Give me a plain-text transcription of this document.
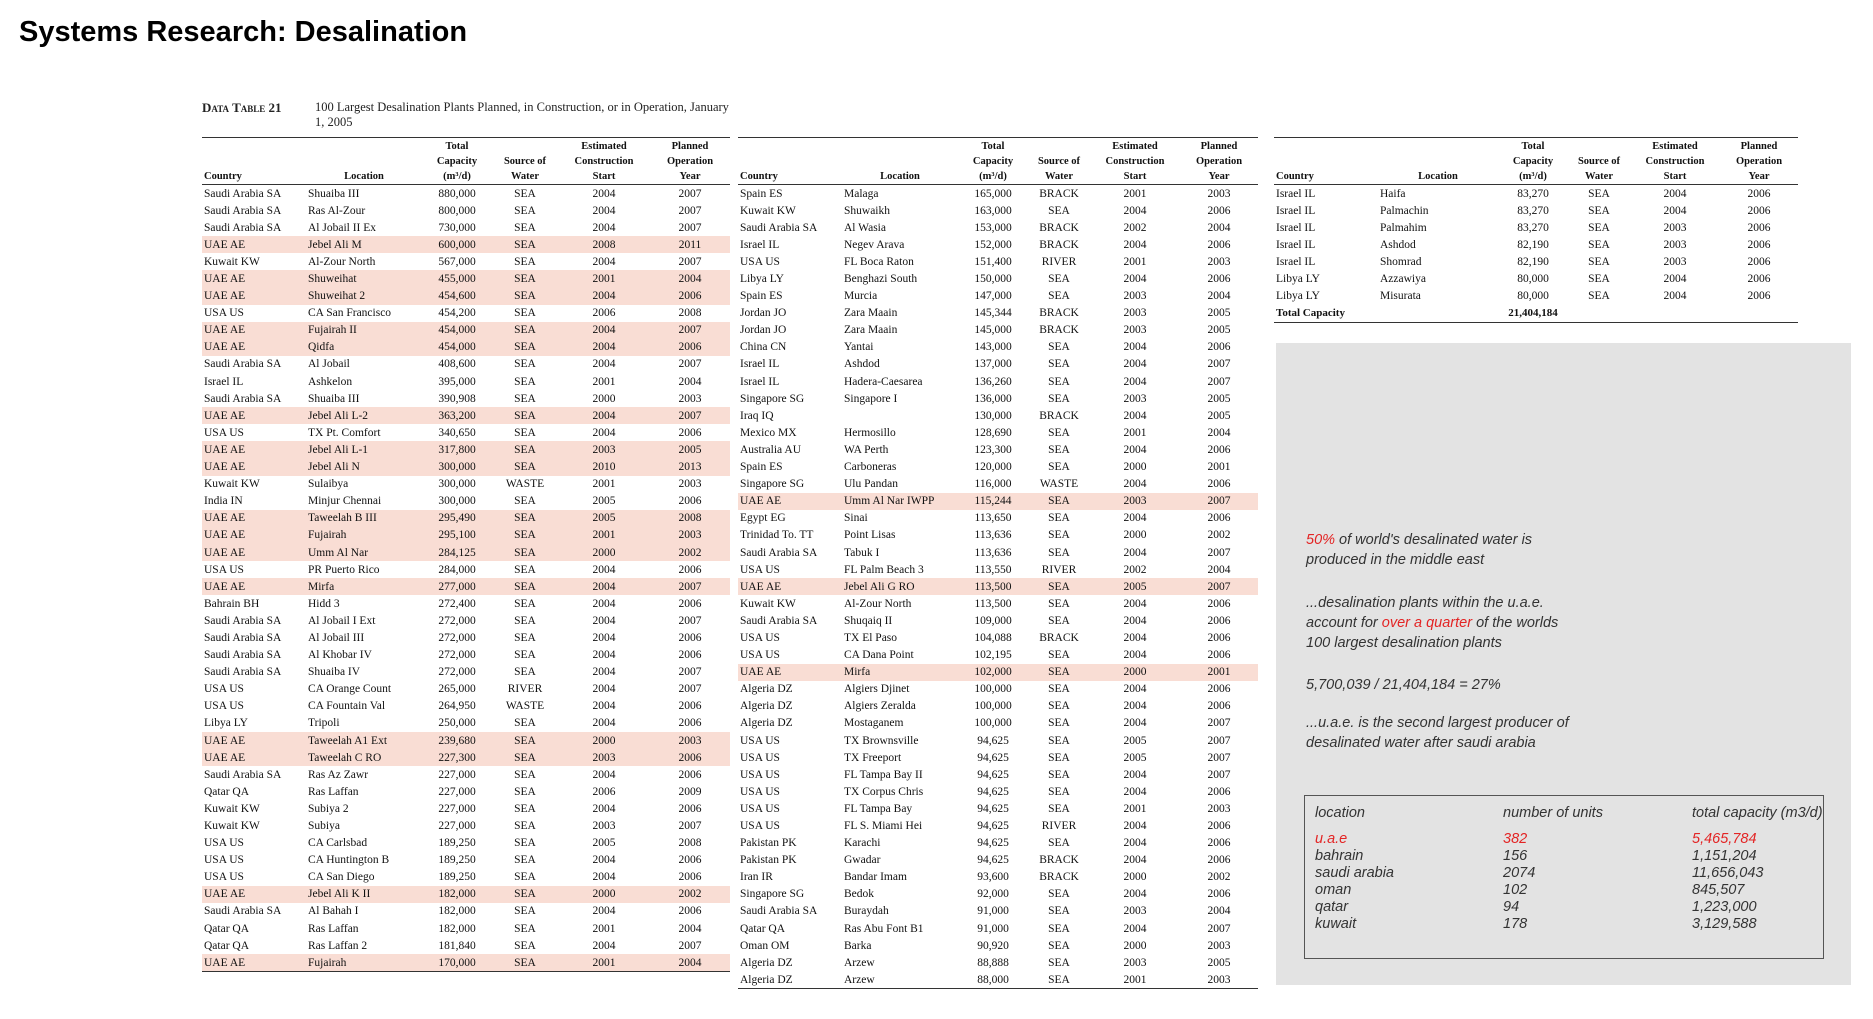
Systems Research: Desalination
Data Table 21	100 Largest Desalination Plants Planned, in Construction, or in Operation, January 1, 2005
Country	Location	Total Capacity (m³/d)	Source of Water	Estimated Construction Start	Planned Operation Year

Saudi Arabia SA	Shuaiba III	880,000	SEA	2004	2007
Saudi Arabia SA	Ras Al-Zour	800,000	SEA	2004	2007
Saudi Arabia SA	Al Jobail II Ex	730,000	SEA	2004	2007
UAE AE	Jebel Ali M	600,000	SEA	2008	2011
Kuwait KW	Al-Zour North	567,000	SEA	2004	2007
UAE AE	Shuweihat	455,000	SEA	2001	2004
UAE AE	Shuweihat 2	454,600	SEA	2004	2006
USA US	CA San Francisco	454,200	SEA	2006	2008
UAE AE	Fujairah II	454,000	SEA	2004	2007
UAE AE	Qidfa	454,000	SEA	2004	2006
Saudi Arabia SA	Al Jobail	408,600	SEA	2004	2007
Israel IL	Ashkelon	395,000	SEA	2001	2004
Saudi Arabia SA	Shuaiba III	390,908	SEA	2000	2003
UAE AE	Jebel Ali L-2	363,200	SEA	2004	2007
USA US	TX Pt. Comfort	340,650	SEA	2004	2006
UAE AE	Jebel Ali L-1	317,800	SEA	2003	2005
UAE AE	Jebel Ali N	300,000	SEA	2010	2013
Kuwait KW	Sulaibya	300,000	WASTE	2001	2003
India IN	Minjur Chennai	300,000	SEA	2005	2006
UAE AE	Taweelah B III	295,490	SEA	2005	2008
UAE AE	Fujairah	295,100	SEA	2001	2003
UAE AE	Umm Al Nar	284,125	SEA	2000	2002
USA US	PR Puerto Rico	284,000	SEA	2004	2006
UAE AE	Mirfa	277,000	SEA	2004	2007
Bahrain BH	Hidd 3	272,400	SEA	2004	2006
Saudi Arabia SA	Al Jobail I Ext	272,000	SEA	2004	2007
Saudi Arabia SA	Al Jobail III	272,000	SEA	2004	2006
Saudi Arabia SA	Al Khobar IV	272,000	SEA	2004	2006
Saudi Arabia SA	Shuaiba IV	272,000	SEA	2004	2007
USA US	CA Orange Count	265,000	RIVER	2004	2007
USA US	CA Fountain Val	264,950	WASTE	2004	2006
Libya LY	Tripoli	250,000	SEA	2004	2006
UAE AE	Taweelah A1 Ext	239,680	SEA	2000	2003
UAE AE	Taweelah C RO	227,300	SEA	2003	2006
Saudi Arabia SA	Ras Az Zawr	227,000	SEA	2004	2006
Qatar QA	Ras Laffan	227,000	SEA	2006	2009
Kuwait KW	Subiya 2	227,000	SEA	2004	2006
Kuwait KW	Subiya	227,000	SEA	2003	2007
USA US	CA Carlsbad	189,250	SEA	2005	2008
USA US	CA Huntington B	189,250	SEA	2004	2006
USA US	CA San Diego	189,250	SEA	2004	2006
UAE AE	Jebel Ali K II	182,000	SEA	2000	2002
Saudi Arabia SA	Al Bahah I	182,000	SEA	2004	2006
Qatar QA	Ras Laffan	182,000	SEA	2001	2004
Qatar QA	Ras Laffan 2	181,840	SEA	2004	2007
UAE AE	Fujairah	170,000	SEA	2001	2004
Country	Location	Total Capacity (m³/d)	Source of Water	Estimated Construction Start	Planned Operation Year

Spain ES	Malaga	165,000	BRACK	2001	2003
Kuwait KW	Shuwaikh	163,000	SEA	2004	2006
Saudi Arabia SA	Al Wasia	153,000	BRACK	2002	2004
Israel IL	Negev Arava	152,000	BRACK	2004	2006
USA US	FL Boca Raton	151,400	RIVER	2001	2003
Libya LY	Benghazi South	150,000	SEA	2004	2006
Spain ES	Murcia	147,000	SEA	2003	2004
Jordan JO	Zara Maain	145,344	BRACK	2003	2005
Jordan JO	Zara Maain	145,000	BRACK	2003	2005
China CN	Yantai	143,000	SEA	2004	2006
Israel IL	Ashdod	137,000	SEA	2004	2007
Israel IL	Hadera-Caesarea	136,260	SEA	2004	2007
Singapore SG	Singapore I	136,000	SEA	2003	2005
Iraq IQ		130,000	BRACK	2004	2005
Mexico MX	Hermosillo	128,690	SEA	2001	2004
Australia AU	WA Perth	123,300	SEA	2004	2006
Spain ES	Carboneras	120,000	SEA	2000	2001
Singapore SG	Ulu Pandan	116,000	WASTE	2004	2006
UAE AE	Umm Al Nar IWPP	115,244	SEA	2003	2007
Egypt EG	Sinai	113,650	SEA	2004	2006
Trinidad To. TT	Point Lisas	113,636	SEA	2000	2002
Saudi Arabia SA	Tabuk I	113,636	SEA	2004	2007
USA US	FL Palm Beach 3	113,550	RIVER	2002	2004
UAE AE	Jebel Ali G RO	113,500	SEA	2005	2007
Kuwait KW	Al-Zour North	113,500	SEA	2004	2006
Saudi Arabia SA	Shuqaiq II	109,000	SEA	2004	2006
USA US	TX El Paso	104,088	BRACK	2004	2006
USA US	CA Dana Point	102,195	SEA	2004	2006
UAE AE	Mirfa	102,000	SEA	2000	2001
Algeria DZ	Algiers Djinet	100,000	SEA	2004	2006
Algeria DZ	Algiers Zeralda	100,000	SEA	2004	2006
Algeria DZ	Mostaganem	100,000	SEA	2004	2007
USA US	TX Brownsville	94,625	SEA	2005	2007
USA US	TX Freeport	94,625	SEA	2005	2007
USA US	FL Tampa Bay II	94,625	SEA	2004	2007
USA US	TX Corpus Chris	94,625	SEA	2004	2006
USA US	FL Tampa Bay	94,625	SEA	2001	2003
USA US	FL S. Miami Hei	94,625	RIVER	2004	2006
Pakistan PK	Karachi	94,625	SEA	2004	2006
Pakistan PK	Gwadar	94,625	BRACK	2004	2006
Iran IR	Bandar Imam	93,600	BRACK	2000	2002
Singapore SG	Bedok	92,000	SEA	2004	2006
Saudi Arabia SA	Buraydah	91,000	SEA	2003	2004
Qatar QA	Ras Abu Font B1	91,000	SEA	2004	2007
Oman OM	Barka	90,920	SEA	2000	2003
Algeria DZ	Arzew	88,888	SEA	2003	2005
Algeria DZ	Arzew	88,000	SEA	2001	2003
Country	Location	Total Capacity (m³/d)	Source of Water	Estimated Construction Start	Planned Operation Year

Israel IL	Haifa	83,270	SEA	2004	2006
Israel IL	Palmachin	83,270	SEA	2004	2006
Israel IL	Palmahim	83,270	SEA	2003	2006
Israel IL	Ashdod	82,190	SEA	2003	2006
Israel IL	Shomrad	82,190	SEA	2003	2006
Libya LY	Azzawiya	80,000	SEA	2004	2006
Libya LY	Misurata	80,000	SEA	2004	2006
Total Capacity		21,404,184			
50% of world's desalinated water is
produced in the middle east
...desalination plants within the u.a.e.
account for over a quarter of the worlds
100 largest desalination plants
5,700,039 / 21,404,184 = 27%
...u.a.e. is the second largest producer of
desalinated water after saudi arabia
location	number of units	total capacity (m3/d)
u.a.e	382	5,465,784
bahrain	156	1,151,204
saudi arabia	2074	11,656,043
oman	102	845,507
qatar	94	1,223,000
kuwait	178	3,129,588
